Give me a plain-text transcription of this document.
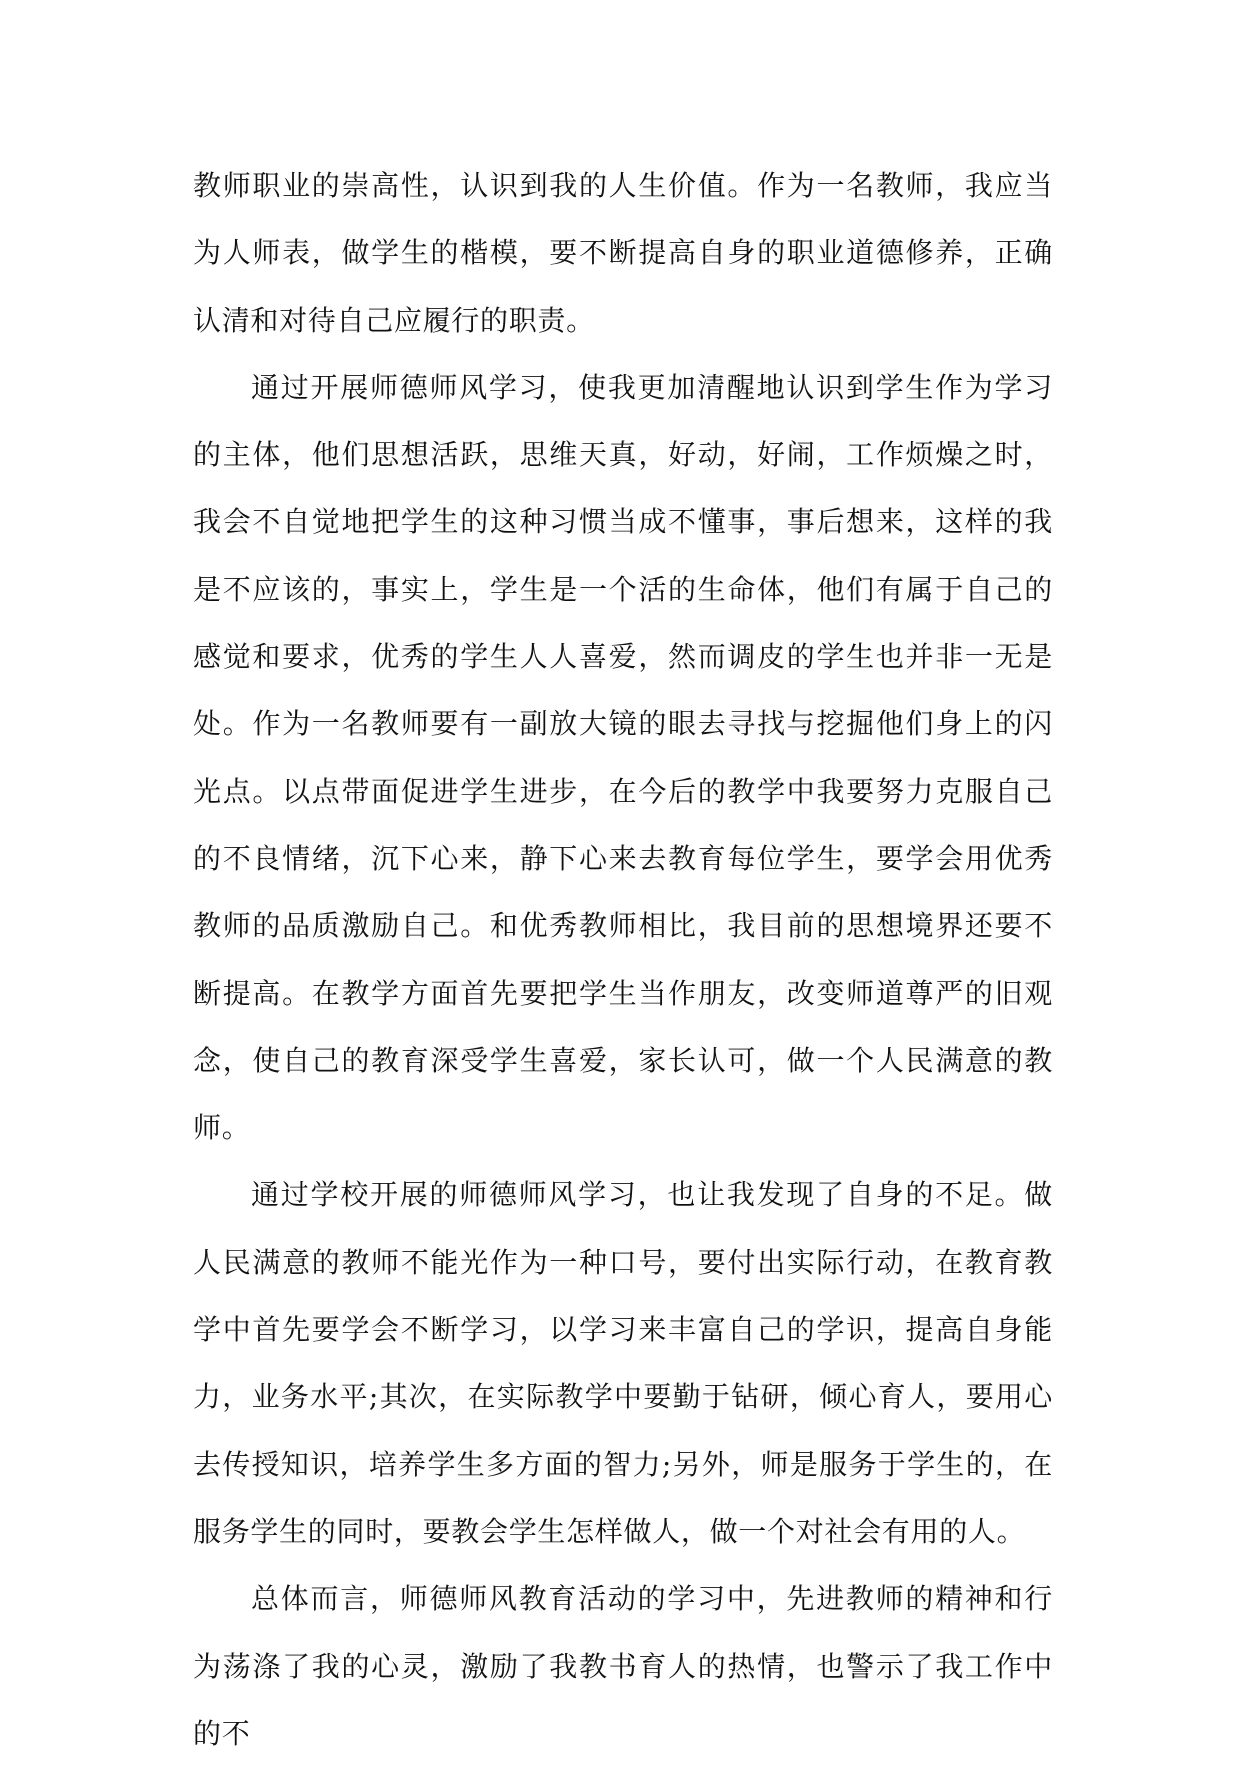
教师职业的崇高性，认识到我的人生价值。作为一名教师，我应当为人师表，做学生的楷模，要不断提高自身的职业道德修养，正确认清和对待自己应履行的职责。

通过开展师德师风学习，使我更加清醒地认识到学生作为学习的主体，他们思想活跃，思维天真，好动，好闹，工作烦燥之时，我会不自觉地把学生的这种习惯当成不懂事，事后想来，这样的我是不应该的，事实上，学生是一个活的生命体，他们有属于自己的感觉和要求，优秀的学生人人喜爱，然而调皮的学生也并非一无是处。作为一名教师要有一副放大镜的眼去寻找与挖掘他们身上的闪光点。以点带面促进学生进步，在今后的教学中我要努力克服自己的不良情绪，沉下心来，静下心来去教育每位学生，要学会用优秀教师的品质激励自己。和优秀教师相比，我目前的思想境界还要不断提高。在教学方面首先要把学生当作朋友，改变师道尊严的旧观念，使自己的教育深受学生喜爱，家长认可，做一个人民满意的教师。

通过学校开展的师德师风学习，也让我发现了自身的不足。做人民满意的教师不能光作为一种口号，要付出实际行动，在教育教学中首先要学会不断学习，以学习来丰富自己的学识，提高自身能力，业务水平;其次，在实际教学中要勤于钻研，倾心育人，要用心去传授知识，培养学生多方面的智力;另外，师是服务于学生的，在服务学生的同时，要教会学生怎样做人，做一个对社会有用的人。

总体而言，师德师风教育活动的学习中，先进教师的精神和行为荡涤了我的心灵，激励了我教书育人的热情，也警示了我工作中的不
